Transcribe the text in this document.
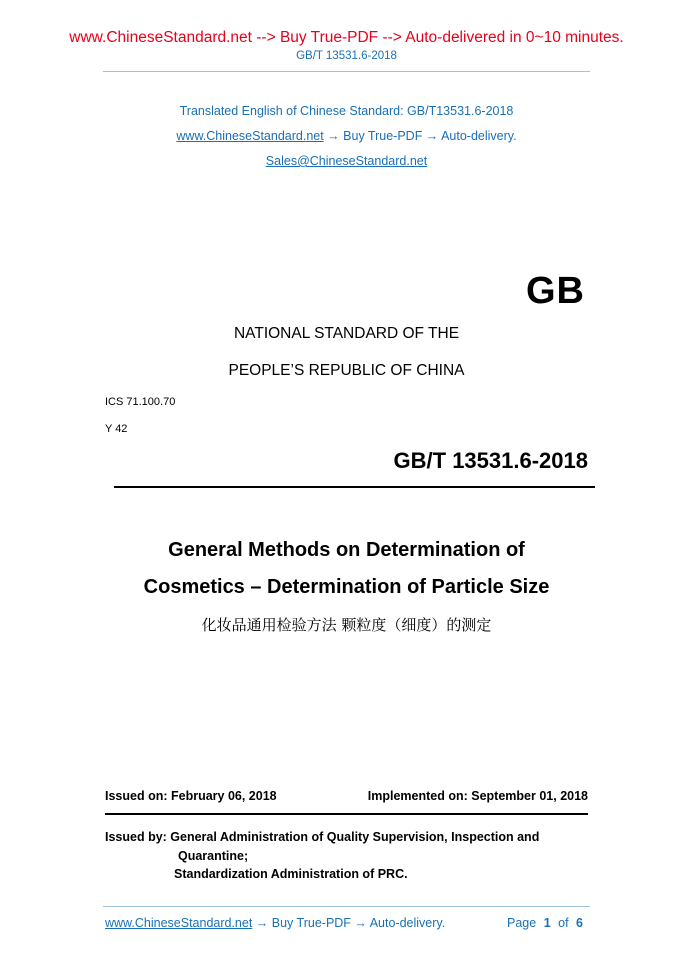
www.ChineseStandard.net --> Buy True-PDF --> Auto-delivered in 0~10 minutes.
GB/T 13531.6-2018
Translated English of Chinese Standard: GB/T13531.6-2018
www.ChineseStandard.net → Buy True-PDF → Auto-delivery.
Sales@ChineseStandard.net
GB
NATIONAL STANDARD OF THE
PEOPLE’S REPUBLIC OF CHINA
ICS 71.100.70
Y 42
GB/T 13531.6-2018
General Methods on Determination of
Cosmetics – Determination of Particle Size
化妆品通用检验方法 颗粒度（细度）的测定
Issued on: February 06, 2018	Implemented on: September 01, 2018
Issued by: General Administration of Quality Supervision, Inspection and
Quarantine;
Standardization Administration of PRC.
www.ChineseStandard.net → Buy True-PDF → Auto-delivery.	Page 1 of 6
